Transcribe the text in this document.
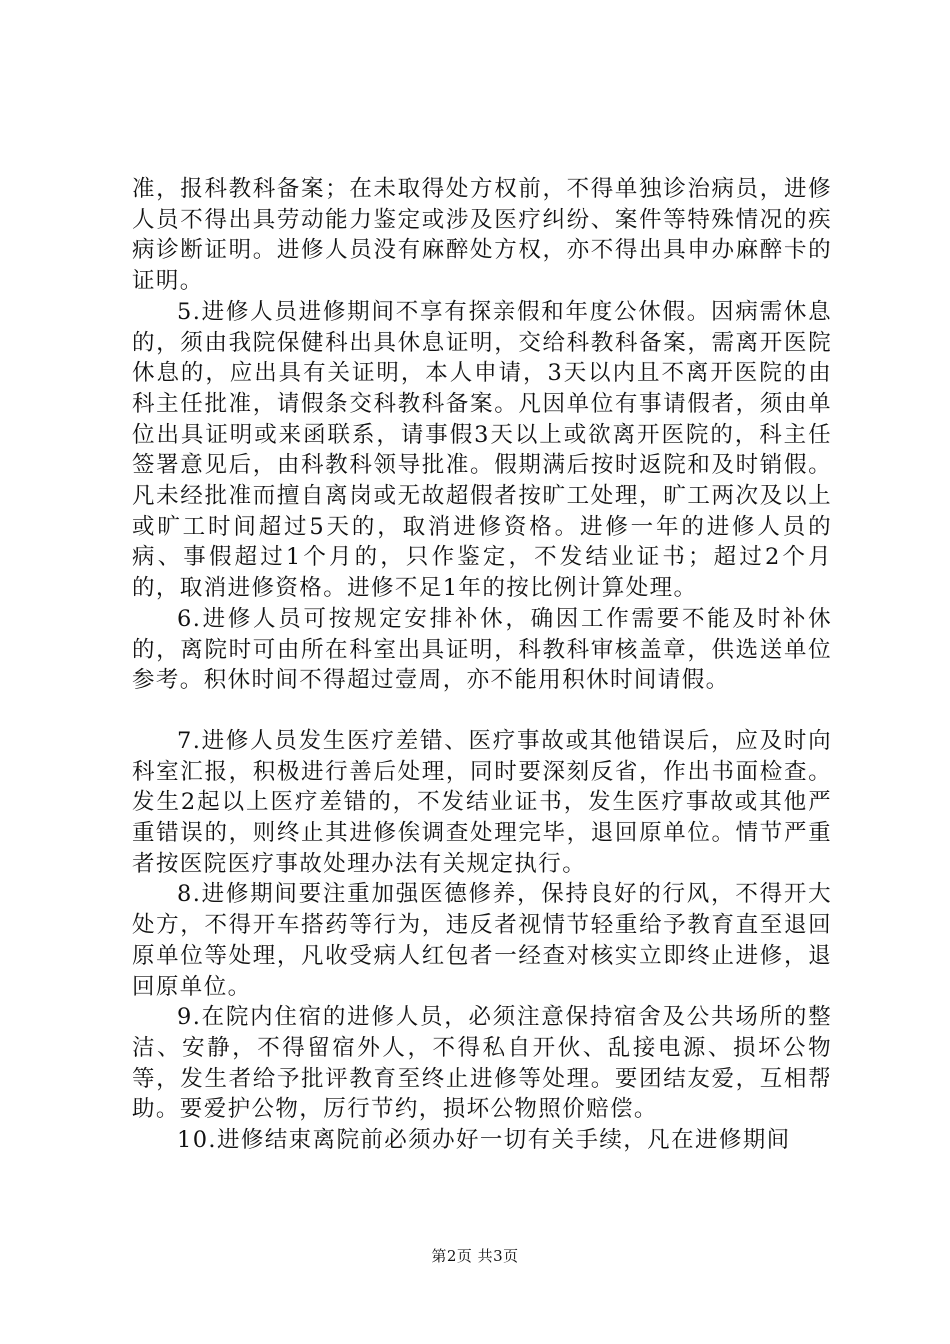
准，报科教科备案；在未取得处方权前，不得单独诊治病员，进修人员不得出具劳动能力鉴定或涉及医疗纠纷、案件等特殊情况的疾病诊断证明。进修人员没有麻醉处方权，亦不得出具申办麻醉卡的证明。

5.进修人员进修期间不享有探亲假和年度公休假。因病需休息的，须由我院保健科出具休息证明，交给科教科备案，需离开医院休息的，应出具有关证明，本人申请，3天以内且不离开医院的由科主任批准，请假条交科教科备案。凡因单位有事请假者，须由单位出具证明或来函联系，请事假3天以上或欲离开医院的，科主任签署意见后，由科教科领导批准。假期满后按时返院和及时销假。凡未经批准而擅自离岗或无故超假者按旷工处理，旷工两次及以上或旷工时间超过5天的，取消进修资格。进修一年的进修人员的病、事假超过1个月的，只作鉴定，不发结业证书；超过2个月的，取消进修资格。进修不足1年的按比例计算处理。

6.进修人员可按规定安排补休，确因工作需要不能及时补休的，离院时可由所在科室出具证明，科教科审核盖章，供选送单位参考。积休时间不得超过壹周，亦不能用积休时间请假。

7.进修人员发生医疗差错、医疗事故或其他错误后，应及时向科室汇报，积极进行善后处理，同时要深刻反省，作出书面检查。发生2起以上医疗差错的，不发结业证书，发生医疗事故或其他严重错误的，则终止其进修俟调查处理完毕，退回原单位。情节严重者按医院医疗事故处理办法有关规定执行。

8.进修期间要注重加强医德修养，保持良好的行风，不得开大处方，不得开车搭药等行为，违反者视情节轻重给予教育直至退回原单位等处理，凡收受病人红包者一经查对核实立即终止进修，退回原单位。

9.在院内住宿的进修人员，必须注意保持宿舍及公共场所的整洁、安静，不得留宿外人，不得私自开伙、乱接电源、损坏公物等，发生者给予批评教育至终止进修等处理。要团结友爱，互相帮助。要爱护公物，厉行节约，损坏公物照价赔偿。

10.进修结束离院前必须办好一切有关手续，凡在进修期间

第2页 共3页
